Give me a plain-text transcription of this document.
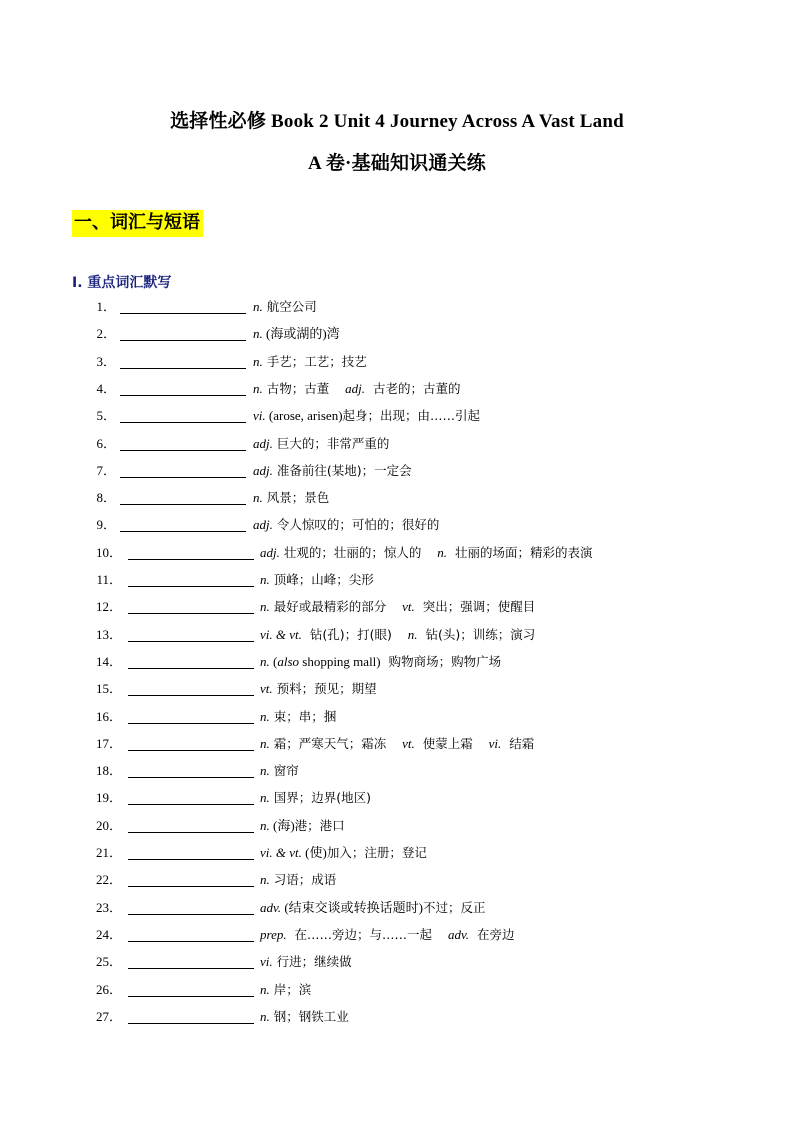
选择性必修 Book 2 Unit 4 Journey Across A Vast Land
A 卷·基础知识通关练
一、词汇与短语
I. 重点词汇默写
1．	n. 航空公司
2．	n. (海或湖的)湾
3．	n. 手艺；工艺；技艺
4．	n. 古物；古董    adj.  古老的；古董的
5．	vi. (arose, arisen)起身；出现；由……引起
6．	adj. 巨大的；非常严重的
7．	adj. 准备前往(某地)；一定会
8．	n. 风景；景色
9．	adj. 令人惊叹的；可怕的；很好的
10．	adj. 壮观的；壮丽的；惊人的    n.  壮丽的场面；精彩的表演
11．	n. 顶峰；山峰；尖形
12．	n. 最好或最精彩的部分    vt.  突出；强调；使醒目
13．	vi. & vt.  钻(孔)；打(眼)    n.  钻(头)；训练；演习
14．	n. (also shopping mall)  购物商场；购物广场
15．	vt. 预料；预见；期望
16．	n. 束；串；捆
17．	n. 霜；严寒天气；霜冻    vt.  使蒙上霜    vi.  结霜
18．	n. 窗帘
19．	n. 国界；边界(地区)
20．	n. (海)港；港口
21．	vi. & vt. (使)加入；注册；登记
22．	n. 习语；成语
23．	adv. (结束交谈或转换话题时)不过；反正
24．	prep.  在……旁边；与……一起    adv.  在旁边
25．	vi. 行进；继续做
26．	n. 岸；滨
27．	n. 钢；钢铁工业
